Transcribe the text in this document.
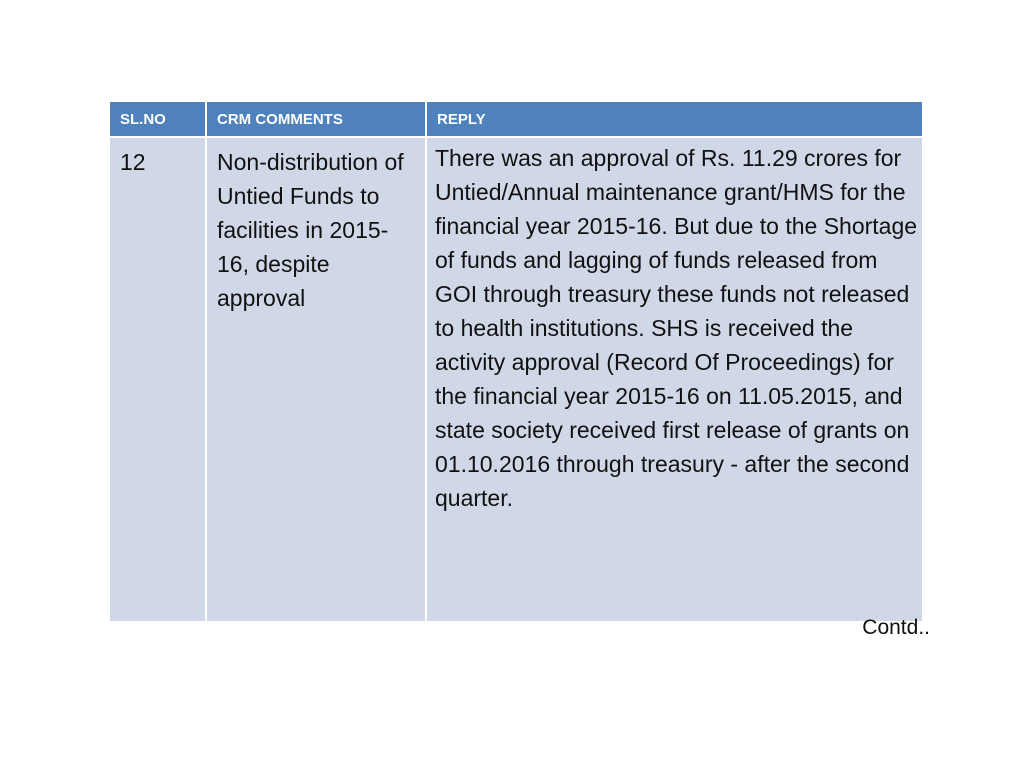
SL.NO	CRM COMMENTS	REPLY
12	Non-distribution of Untied Funds to facilities in 2015-16, despite approval	There was an approval of Rs. 11.29 crores for Untied/Annual maintenance grant/HMS for the financial year 2015-16. But due to the Shortage of funds and lagging of funds released from GOI through treasury these funds not released to health institutions. SHS is received the activity approval (Record Of Proceedings) for the financial year 2015-16 on 11.05.2015, and state society received first release of grants on 01.10.2016 through treasury - after the second quarter.
Contd..
